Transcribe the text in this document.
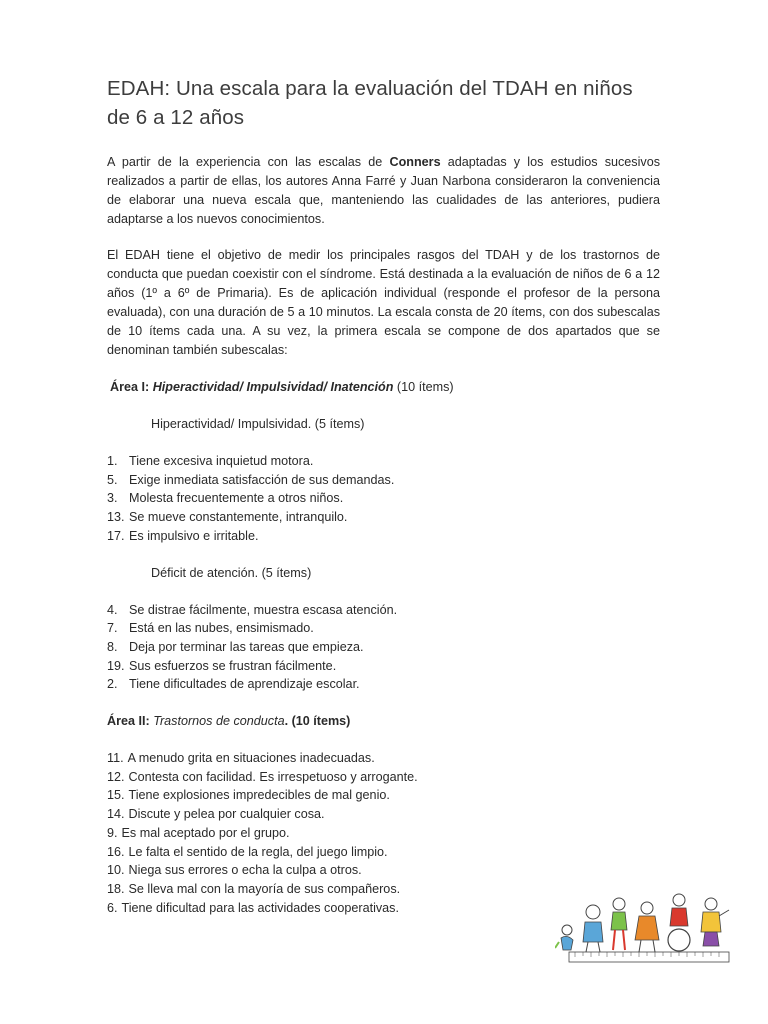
EDAH: Una escala para la evaluación del TDAH en niños de 6 a 12 años

A partir de la experiencia con las escalas de Conners adaptadas y los estudios sucesivos realizados a partir de ellas, los autores Anna Farré y Juan Narbona consideraron la conveniencia de elaborar una nueva escala que, manteniendo las cualidades de las anteriores, pudiera adaptarse a los nuevos conocimientos.

El EDAH tiene el objetivo de medir los principales rasgos del TDAH y de los trastornos de conducta que puedan coexistir con el síndrome. Está destinada a la evaluación de niños de 6 a 12 años (1º a 6º de Primaria). Es de aplicación individual (responde el profesor de la persona evaluada), con una duración de 5 a 10 minutos. La escala consta de 20 ítems, con dos subescalas de 10 ítems cada una. A su vez, la primera escala se compone de dos apartados que se denominan también subescalas:

Área I: Hiperactividad/ Impulsividad/ Inatención (10 ítems)
Hiperactividad/ Impulsividad. (5 ítems)
1. Tiene excesiva inquietud motora.
5. Exige inmediata satisfacción de sus demandas.
3. Molesta frecuentemente a otros niños.
13. Se mueve constantemente, intranquilo.
17. Es impulsivo e irritable.
Déficit de atención. (5 ítems)
4. Se distrae fácilmente, muestra escasa atención.
7. Está en las nubes, ensimismado.
8. Deja por terminar las tareas que empieza.
19. Sus esfuerzos se frustran fácilmente.
2. Tiene dificultades de aprendizaje escolar.
Área II: Trastornos de conducta. (10 ítems)
11. A menudo grita en situaciones inadecuadas.
12. Contesta con facilidad. Es irrespetuoso y arrogante.
15. Tiene explosiones impredecibles de mal genio.
14. Discute y pelea por cualquier cosa.
9. Es mal aceptado por el grupo.
16. Le falta el sentido de la regla, del juego limpio.
10. Niega sus errores o echa la culpa a otros.
18. Se lleva mal con la mayoría de sus compañeros.
6. Tiene dificultad para las actividades cooperativas.
